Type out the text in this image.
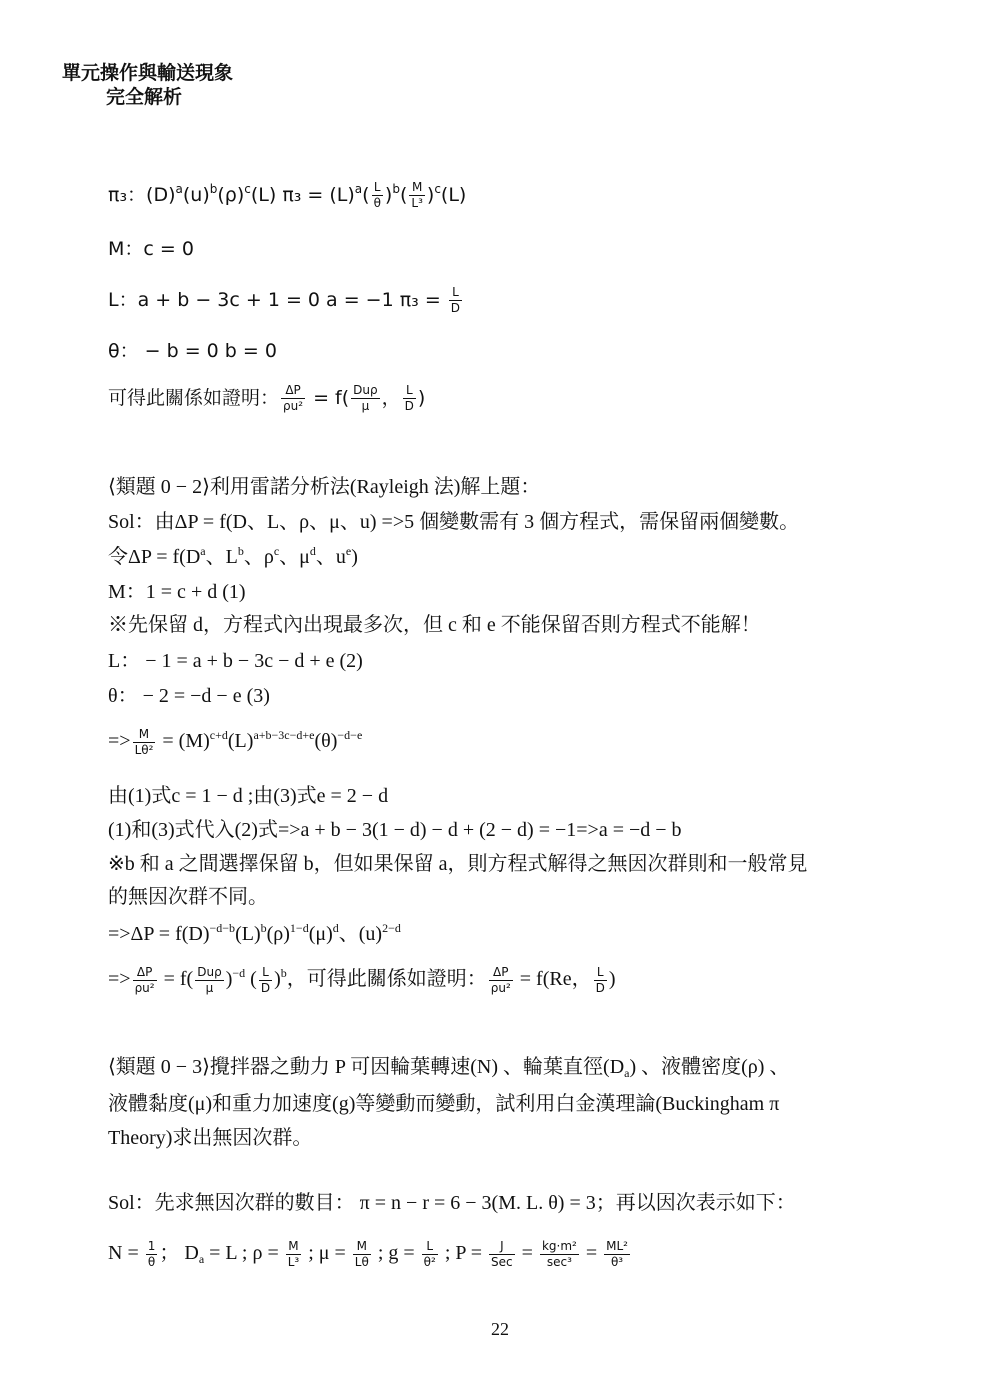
單元操作與輸送現象
完全解析
π₃：$(D)^a(u)^b(\rho)^c(L) \pi_3 = (L)^a( \frac{L}{\theta} )^b( \frac{M}{\text{L³}} )^c(L)$
M：c = 0
L：a + b − 3c + 1 = 0 a = −1 $\pi_3 = \frac{L}{D}$
θ： − b = 0 b = 0
可得此關係如證明： $\frac{\Delta P}{\text{ρu²}} = f( \frac{\text{Duρ}}{\mu}$ ， $\frac{L}{D}$ )
⟨類題 0 − 2⟩利用雷諾分析法(Rayleigh 法)解上題：
Sol：由ΔP = f(D、L、ρ、μ、u) =>5 個變數需有 3 個方程式，需保留兩個變數。
令$\Delta P = f(D^a$、$L^b$、$\rho^c$、$\mu^d$、$u^e$)
M：1 = c + d (1)
※先保留 d，方程式內出現最多次，但 c 和 e 不能保留否則方程式不能解！
L： − 1 = a + b − 3c − d + e (2)
θ： − 2 = −d − e (3)
=> $\frac{M}{\text{Lθ²}} = (M)^{c+d}(L)^{a+b-3c-d+e}(\theta)^{-d-e}$
由(1)式c = 1 − d ;由(3)式e = 2 − d
(1)和(3)式代入(2)式=>a + b − 3(1 − d) − d + (2 − d) = −1=>a = −d − b
※b 和 a 之間選擇保留 b，但如果保留 a，則方程式解得之無因次群則和一般常見
的無因次群不同。
$=>\Delta P = f(D)^{-d-b}(L)^b(\rho)^{1-d}(\mu)^d$、$(u)^{2-d}$
=> $\frac{\Delta P}{\text{ρu²}} = f( \frac{\text{Duρ}}{\mu} )^{-d}$ ( $\frac{L}{D} )^b$，可得此關係如證明： $\frac{\Delta P}{\text{ρu²}} = f(Re$， $\frac{L}{D}$ )
⟨類題 0 − 3⟩攪拌器之動力 P 可因輪葉轉速(N) 、輪葉直徑$(D_a)$ 、液體密度(ρ) 、
液體黏度(μ)和重力加速度(g)等變動而變動，試利用白金漢理論(Buckingham π
Theory)求出無因次群。
Sol：先求無因次群的數目： π = n − r = 6 − 3(M. L. θ) = 3；再以因次表示如下：
$N = \frac{1}{\theta}$ ； $D_a = L$ ; $\rho = \frac{M}{\text{L³}}$ ; $\mu = \frac{M}{L\theta}$ ; $g = \frac{L}{\text{θ²}}$ ; $P = \frac{J}{\text{Sec}} = \frac{\text{kg·m²}}{\text{sec³}} = \frac{\text{ML²}}{\text{θ³}}$
22
